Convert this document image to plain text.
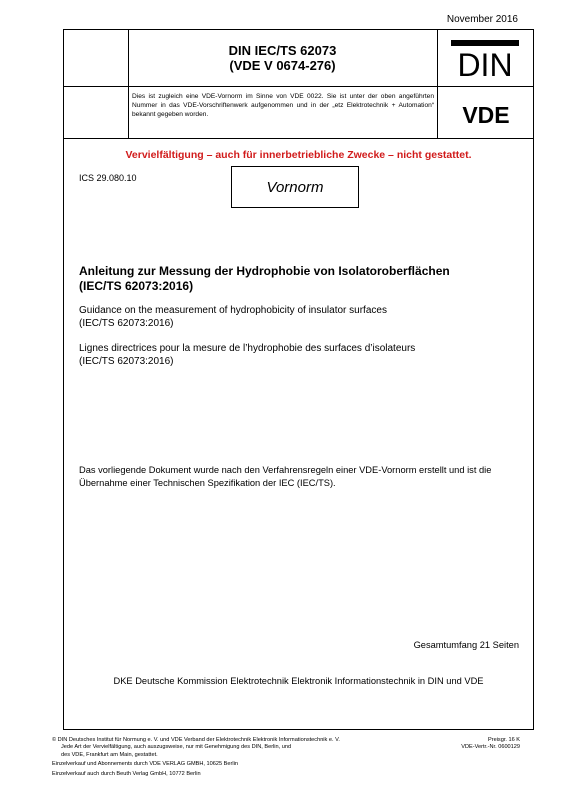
November 2016
DIN IEC/TS 62073
(VDE V 0674-276)	DIN
VDE
Dies ist zugleich eine VDE-Vornorm im Sinne von VDE 0022. Sie ist unter der oben angeführten Nummer in das VDE-Vorschriftenwerk aufgenommen und in der „etz Elektrotechnik + Automation“ bekannt gegeben worden.
Vervielfältigung – auch für innerbetriebliche Zwecke – nicht gestattet.
ICS 29.080.10
Vornorm
Anleitung zur Messung der Hydrophobie von Isolatoroberflächen
(IEC/TS 62073:2016)
Guidance on the measurement of hydrophobicity of insulator surfaces
(IEC/TS 62073:2016)
Lignes directrices pour la mesure de l’hydrophobie des surfaces d’isolateurs
(IEC/TS 62073:2016)
Das vorliegende Dokument wurde nach den Verfahrensregeln einer VDE-Vornorm erstellt und ist die Übernahme einer Technischen Spezifikation der IEC (IEC/TS).
Gesamtumfang 21 Seiten
DKE Deutsche Kommission Elektrotechnik Elektronik Informationstechnik in DIN und VDE
© DIN Deutsches Institut für Normung e. V. und VDE Verband der Elektrotechnik Elektronik Informationstechnik e. V.
Jede Art der Vervielfältigung, auch auszugsweise, nur mit Genehmigung des DIN, Berlin, und
des VDE, Frankfurt am Main, gestattet.
Einzelverkauf und Abonnements durch VDE VERLAG GMBH, 10625 Berlin
Einzelverkauf auch durch Beuth Verlag GmbH, 10772 Berlin
Preisgr. 16 K
VDE-Vertr.-Nr. 0600129
